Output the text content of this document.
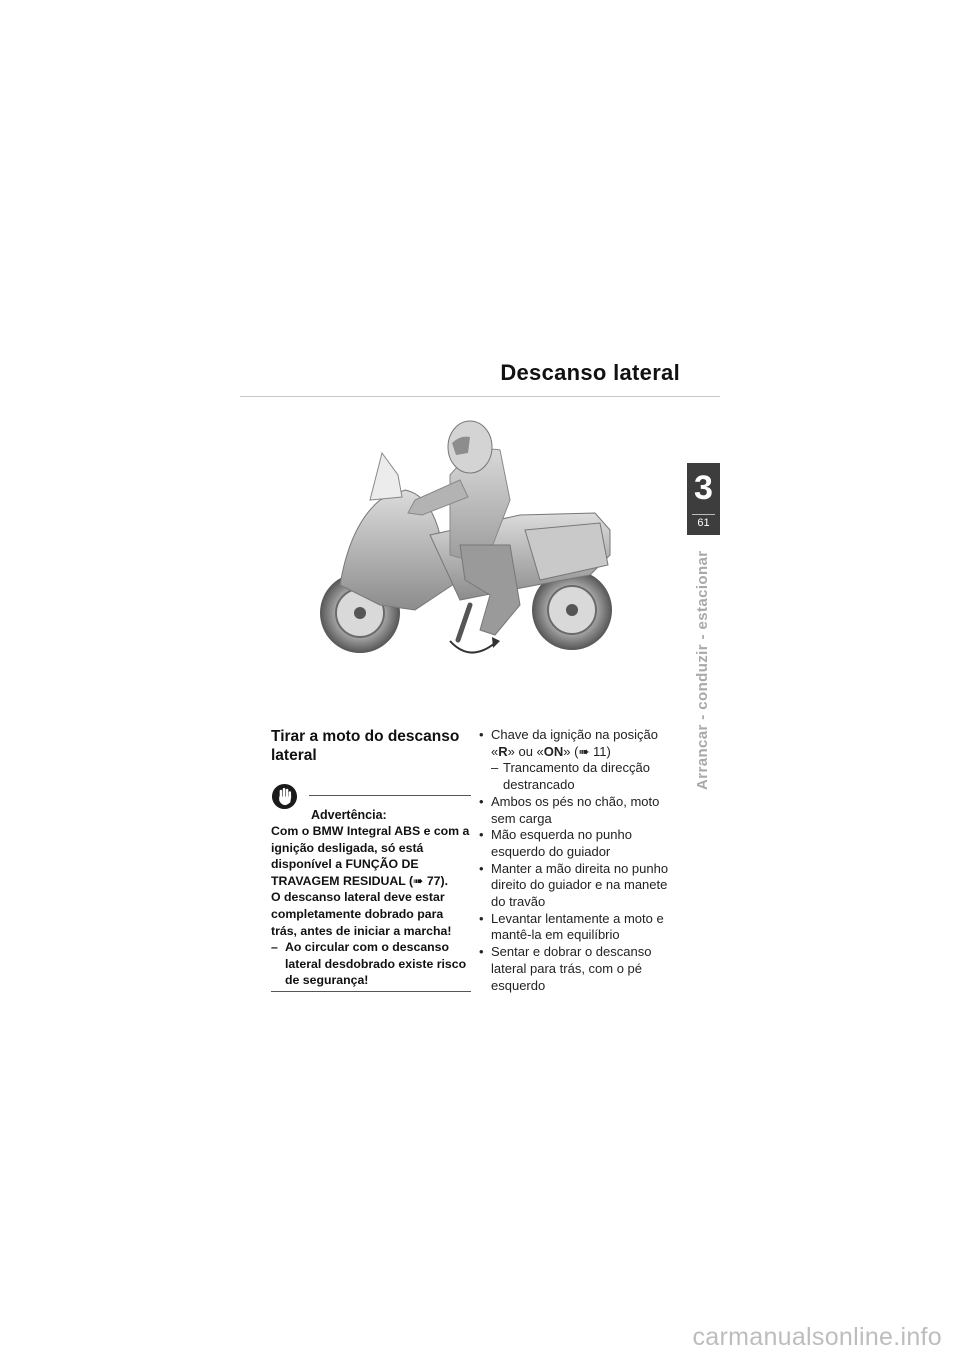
Descanso lateral
3
61
Arrancar - conduzir - estacionar
Tirar a moto do descanso lateral
Advertência:

Com o BMW Integral ABS e com a ignição desligada, só está disponível a FUNÇÃO DE TRAVAGEM RESIDUAL (➠ 77).

O descanso lateral deve estar completamente dobrado para trás, antes de iniciar a marcha!

– Ao circular com o descanso lateral desdobrado existe risco de segurança!

• Chave da ignição na posição «R» ou «ON» (➠ 11)
– Trancamento da direcção destrancado
• Ambos os pés no chão, moto sem carga
• Mão esquerda no punho esquerdo do guiador
• Manter a mão direita no punho direito do guiador e na manete do travão
• Levantar lentamente a moto e mantê-la em equilíbrio
• Sentar e dobrar o descanso lateral para trás, com o pé esquerdo
carmanualsonline.info
